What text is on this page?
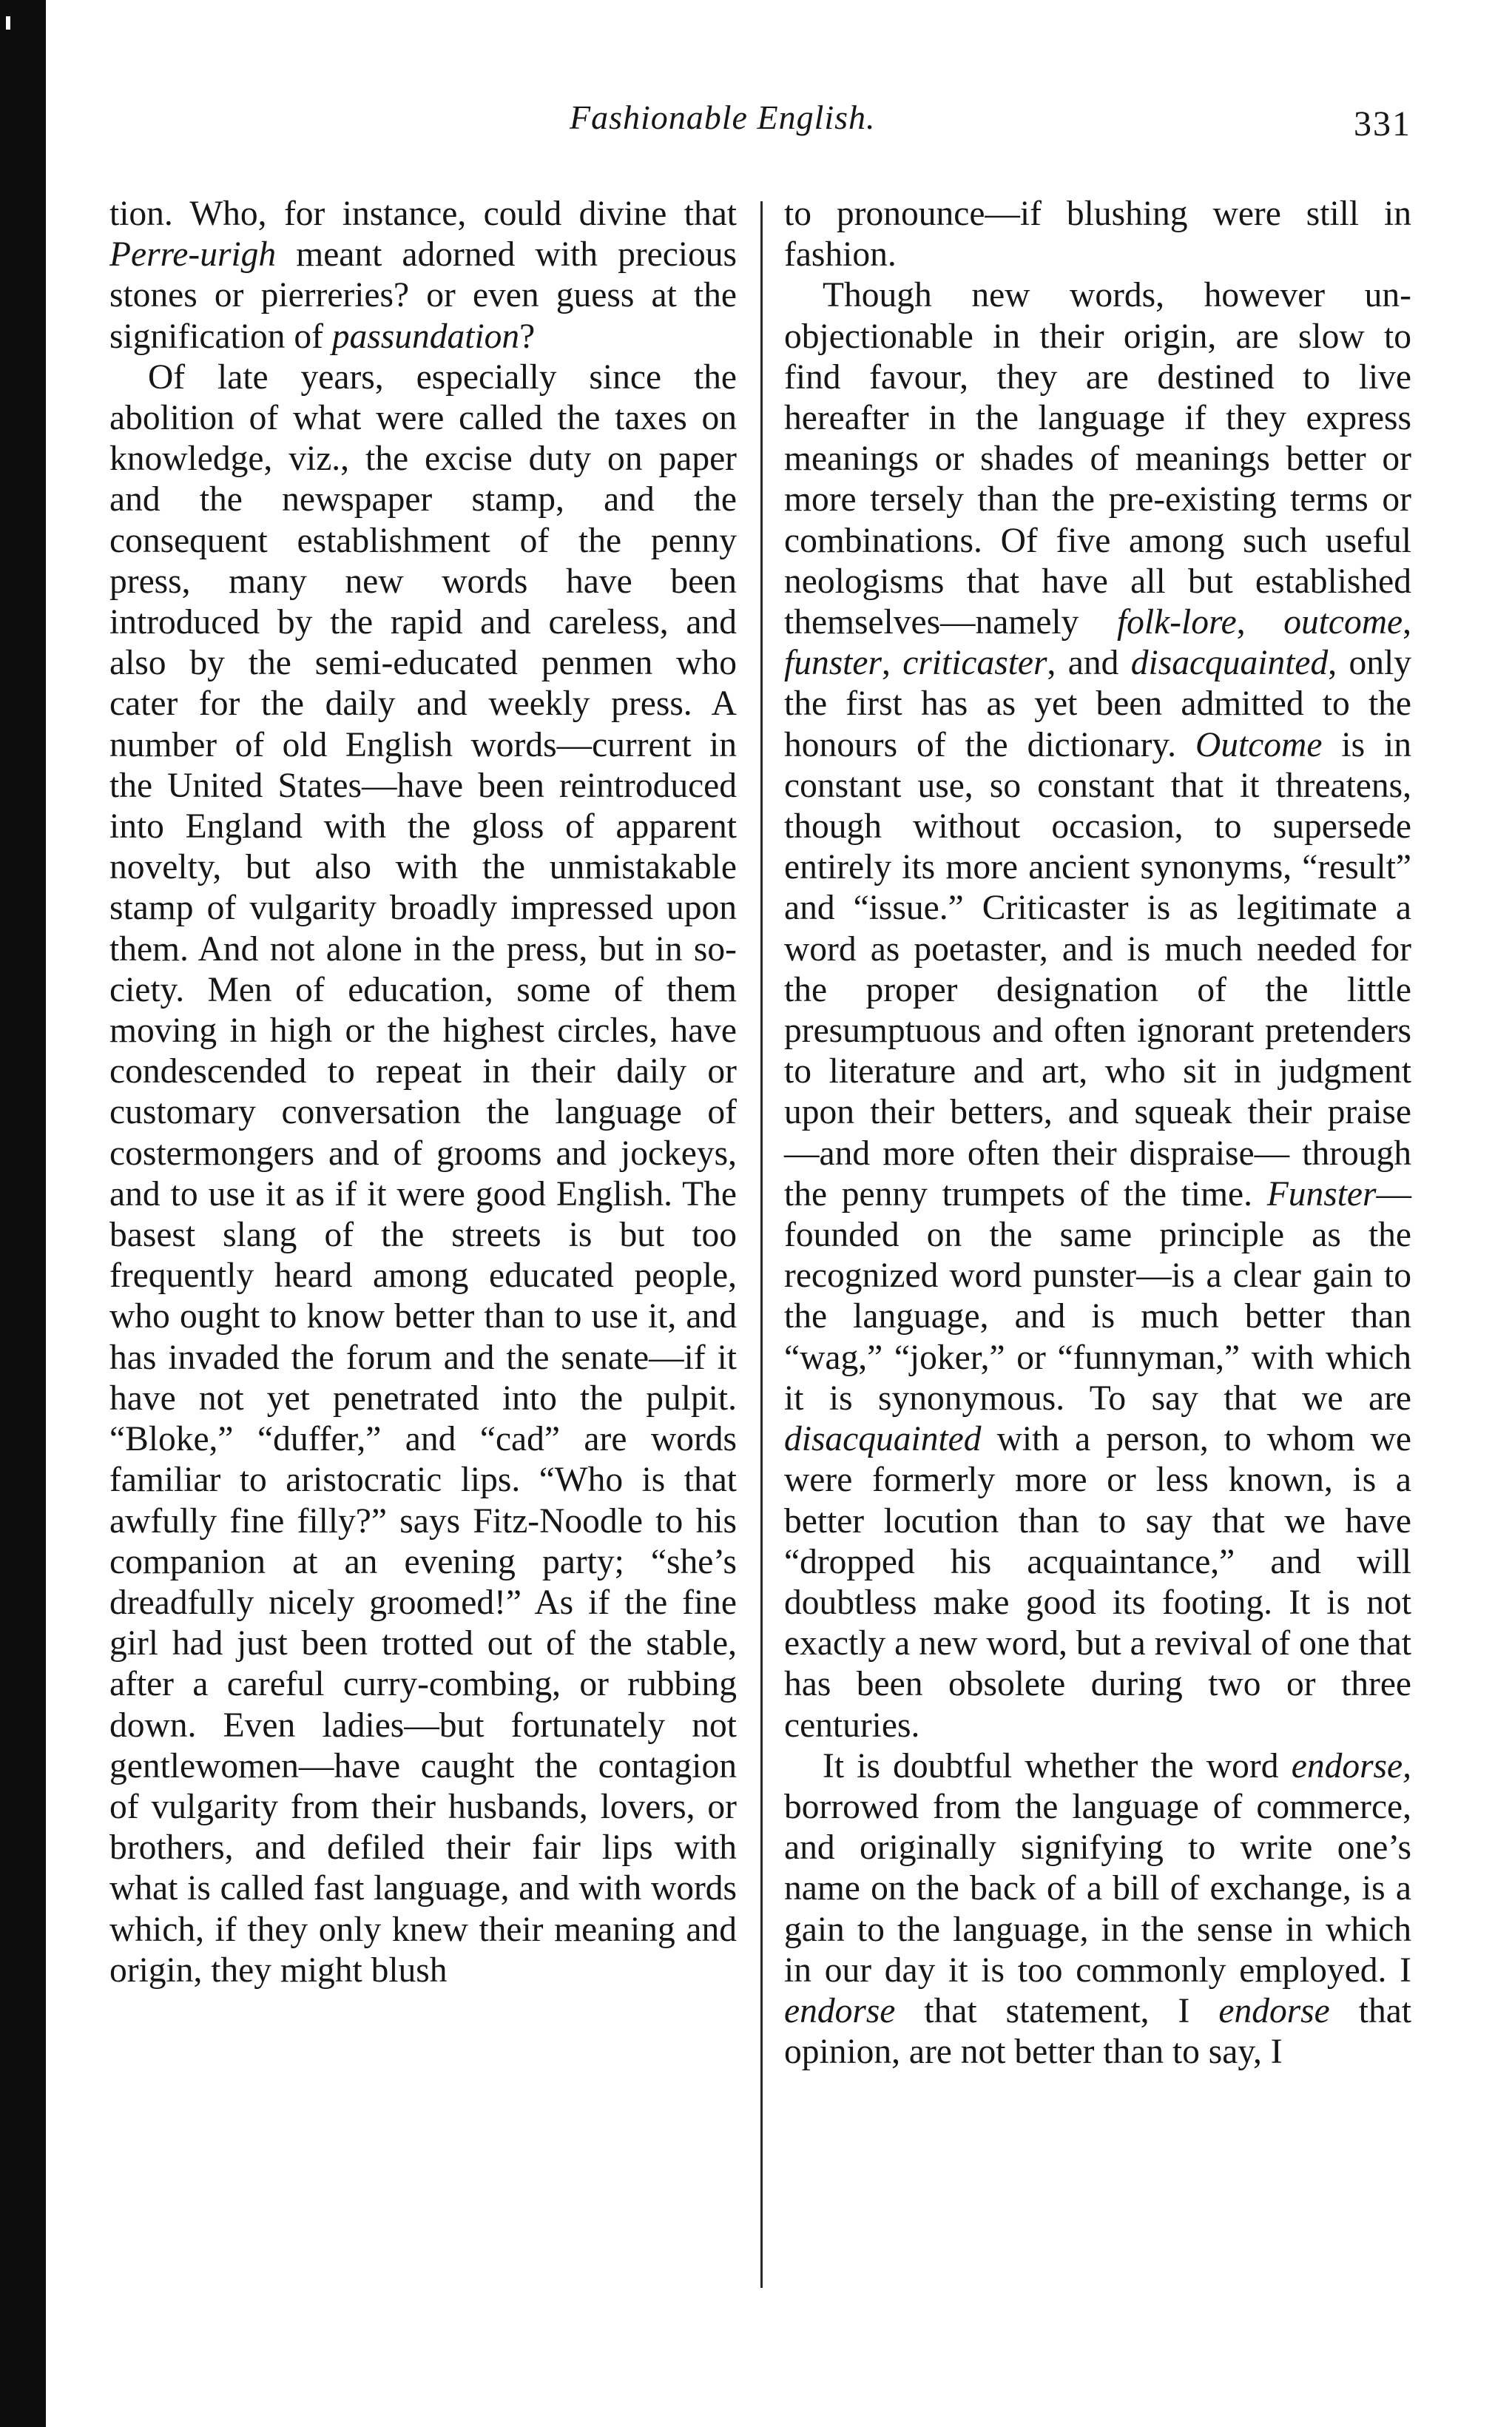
Fashionable English.	331

tion. Who, for instance, could divine that Perre-urigh meant adorned with precious stones or pierreries? or even guess at the signification of passundation?

Of late years, especially since the abolition of what were called the taxes on knowledge, viz., the excise duty on paper and the newspaper stamp, and the consequent establishment of the penny press, many new words have been introduced by the rapid and careless, and also by the semi-educated penmen who cater for the daily and weekly press. A number of old English words—current in the United States—have been reintroduced into England with the gloss of apparent novelty, but also with the unmistakable stamp of vulgarity broadly impressed upon them. And not alone in the press, but in society. Men of education, some of them moving in high or the highest circles, have condescended to repeat in their daily or customary conversation the language of costermongers and of grooms and jockeys, and to use it as if it were good English. The basest slang of the streets is but too frequently heard among educated people, who ought to know better than to use it, and has invaded the forum and the senate—if it have not yet penetrated into the pulpit. “Bloke,” “duffer,” and “cad” are words familiar to aristocratic lips. “Who is that awfully fine filly?” says Fitz-Noodle to his companion at an evening party; “she’s dreadfully nicely groomed!” As if the fine girl had just been trotted out of the stable, after a careful curry-combing, or rubbing down. Even ladies—but fortunately not gentlewomen—have caught the contagion of vulgarity from their husbands, lovers, or brothers, and defiled their fair lips with what is called fast language, and with words which, if they only knew their meaning and origin, they might blush

to pronounce—if blushing were still in fashion.

Though new words, however unobjectionable in their origin, are slow to find favour, they are destined to live hereafter in the language if they express meanings or shades of meanings better or more tersely than the pre-existing terms or combinations. Of five among such useful neologisms that have all but established themselves—namely folk-lore, outcome, funster, criticaster, and disacquainted, only the first has as yet been admitted to the honours of the dictionary. Outcome is in constant use, so constant that it threatens, though without occasion, to supersede entirely its more ancient synonyms, “result” and “issue.” Criticaster is as legitimate a word as poetaster, and is much needed for the proper designation of the little presumptuous and often ignorant pretenders to literature and art, who sit in judgment upon their betters, and squeak their praise —and more often their dispraise— through the penny trumpets of the time. Funster—founded on the same principle as the recognized word punster—is a clear gain to the language, and is much better than “wag,” “joker,” or “funnyman,” with which it is synonymous. To say that we are disacquainted with a person, to whom we were formerly more or less known, is a better locution than to say that we have “dropped his acquaintance,” and will doubtless make good its footing. It is not exactly a new word, but a revival of one that has been obsolete during two or three centuries.

It is doubtful whether the word endorse, borrowed from the language of commerce, and originally signifying to write one’s name on the back of a bill of exchange, is a gain to the language, in the sense in which in our day it is too commonly employed. I endorse that statement, I endorse that opinion, are not better than to say, I
